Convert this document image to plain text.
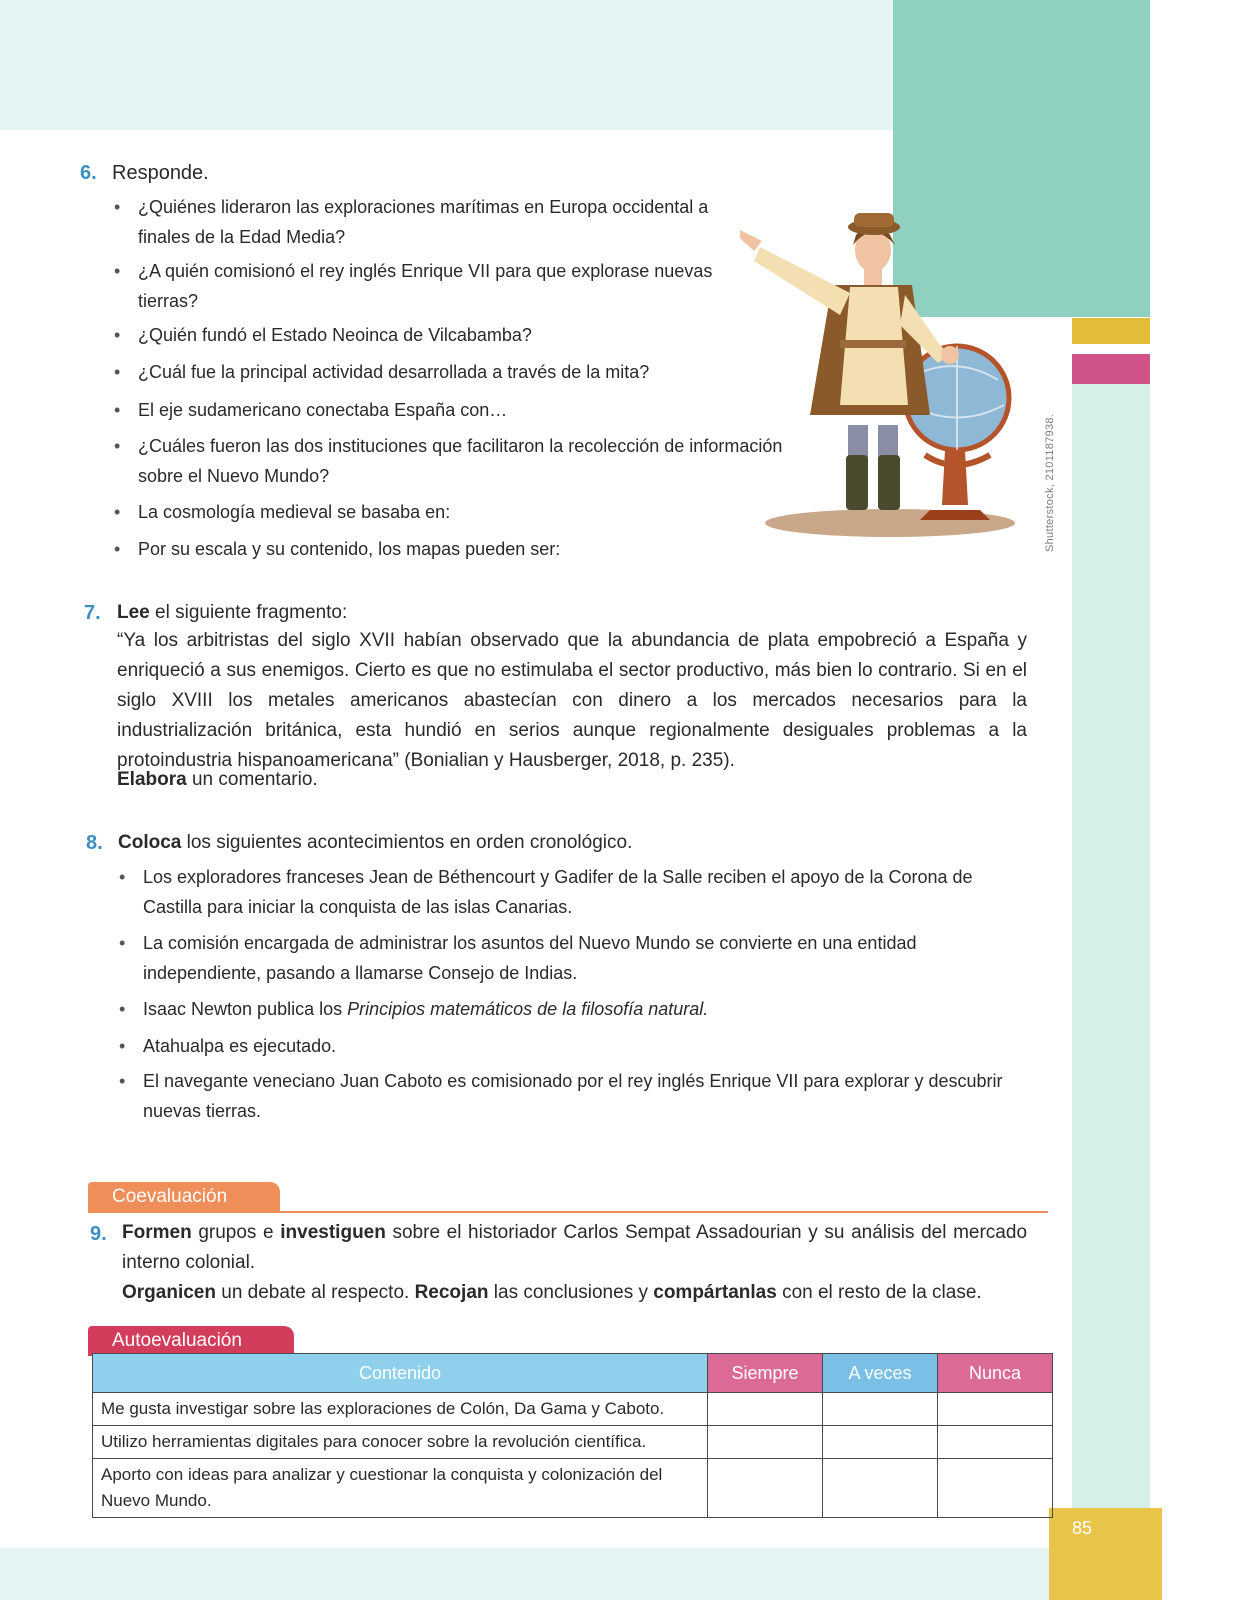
85
Shutterstock, 2101187938.
6. Responde.
• ¿Quiénes lideraron las exploraciones marítimas en Europa occidental a finales de la Edad Media?
• ¿A quién comisionó el rey inglés Enrique VII para que explorase nuevas tierras?
• ¿Quién fundó el Estado Neoinca de Vilcabamba?
• ¿Cuál fue la principal actividad desarrollada a través de la mita?
• El eje sudamericano conectaba España con…
• ¿Cuáles fueron las dos instituciones que facilitaron la recolección de información sobre el Nuevo Mundo?
• La cosmología medieval se basaba en:
• Por su escala y su contenido, los mapas pueden ser:
7. Lee el siguiente fragmento:
“Ya los arbitristas del siglo XVII habían observado que la abundancia de plata empobreció a España y enriqueció a sus enemigos. Cierto es que no estimulaba el sector productivo, más bien lo contrario. Si en el siglo XVIII los metales americanos abastecían con dinero a los mercados necesarios para la industrialización británica, esta hundió en serios aunque regionalmente desiguales problemas a la protoindustria hispanoamericana” (Bonialian y Hausberger, 2018, p. 235).
Elabora un comentario.
8. Coloca los siguientes acontecimientos en orden cronológico.
• Los exploradores franceses Jean de Béthencourt y Gadifer de la Salle reciben el apoyo de la Corona de Castilla para iniciar la conquista de las islas Canarias.
• La comisión encargada de administrar los asuntos del Nuevo Mundo se convierte en una entidad independiente, pasando a llamarse Consejo de Indias.
• Isaac Newton publica los Principios matemáticos de la filosofía natural.
• Atahualpa es ejecutado.
• El navegante veneciano Juan Caboto es comisionado por el rey inglés Enrique VII para explorar y descubrir nuevas tierras.
Coevaluación
9. Formen grupos e investiguen sobre el historiador Carlos Sempat Assadourian y su análisis del mercado interno colonial.
Organicen un debate al respecto. Recojan las conclusiones y compártanlas con el resto de la clase.
Autoevaluación
Contenido	Siempre	A veces	Nunca
Me gusta investigar sobre las exploraciones de Colón, Da Gama y Caboto.			
Utilizo herramientas digitales para conocer sobre la revolución científica.			
Aporto con ideas para analizar y cuestionar la conquista y colonización del Nuevo Mundo.			
